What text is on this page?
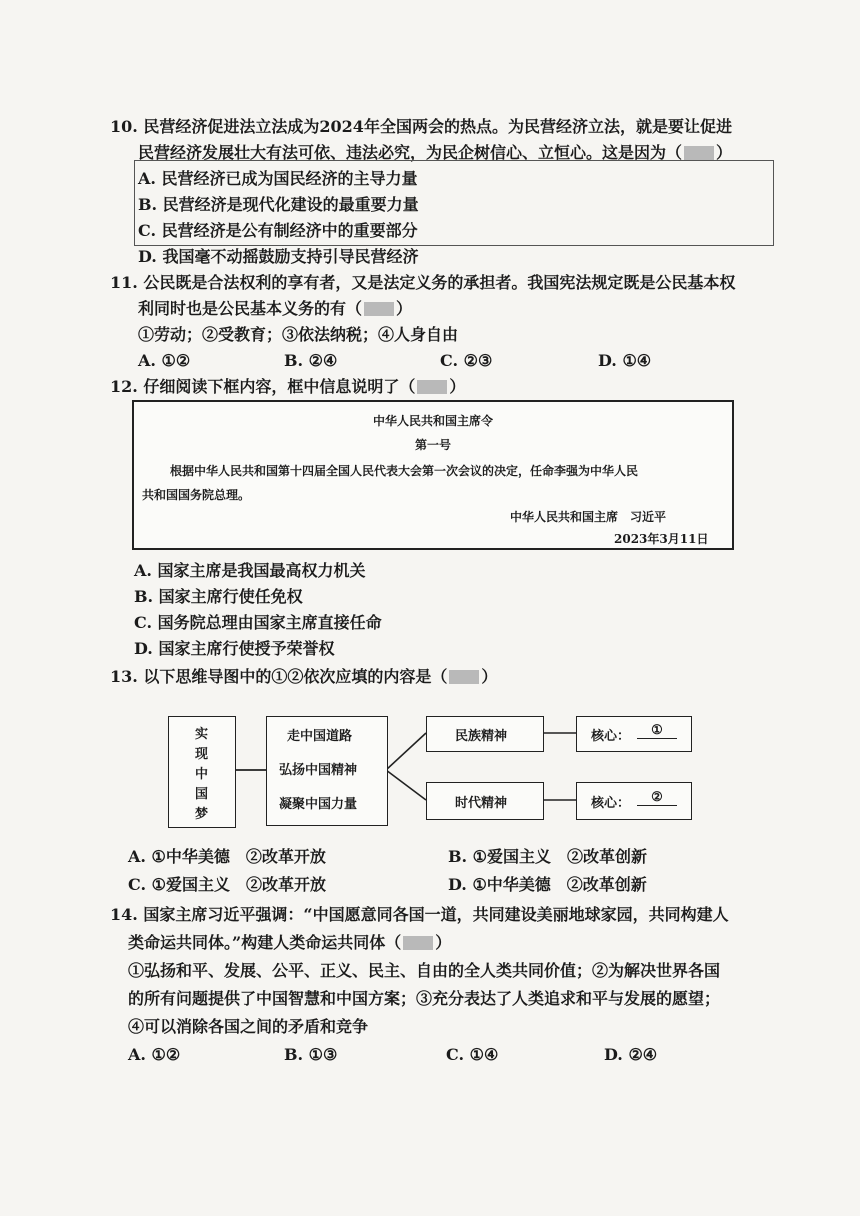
10. 民营经济促进法立法成为2024年全国两会的热点。为民营经济立法，就是要让促进
民营经济发展壮大有法可依、违法必究，为民企树信心、立恒心。这是因为（ ）
A. 民营经济已成为国民经济的主导力量
B. 民营经济是现代化建设的最重要力量
C. 民营经济是公有制经济中的重要部分
D. 我国毫不动摇鼓励支持引导民营经济
11. 公民既是合法权利的享有者，又是法定义务的承担者。我国宪法规定既是公民基本权
利同时也是公民基本义务的有（ ）
①劳动；②受教育；③依法纳税；④人身自由
A. ①②	B. ②④	C. ②③	D. ①④
12. 仔细阅读下框内容，框中信息说明了（ ）
中华人民共和国主席令
第一号
根据中华人民共和国第十四届全国人民代表大会第一次会议的决定，任命李强为中华人民
共和国国务院总理。
中华人民共和国主席　习近平
2023年3月11日
A. 国家主席是我国最高权力机关
B. 国家主席行使任免权
C. 国务院总理由国家主席直接任命
D. 国家主席行使授予荣誉权
13. 以下思维导图中的①②依次应填的内容是（ ）
实
现
中
国
梦
走中国道路
弘扬中国精神
凝聚中国力量
民族精神
时代精神
核心：	①
核心：	②
A. ①中华美德　②改革开放	B. ①爱国主义　②改革创新
C. ①爱国主义　②改革开放	D. ①中华美德　②改革创新
14. 国家主席习近平强调：“中国愿意同各国一道，共同建设美丽地球家园，共同构建人
类命运共同体。”构建人类命运共同体（ ）
①弘扬和平、发展、公平、正义、民主、自由的全人类共同价值；②为解决世界各国
的所有问题提供了中国智慧和中国方案；③充分表达了人类追求和平与发展的愿望；
④可以消除各国之间的矛盾和竞争
A. ①②	B. ①③	C. ①④	D. ②④
